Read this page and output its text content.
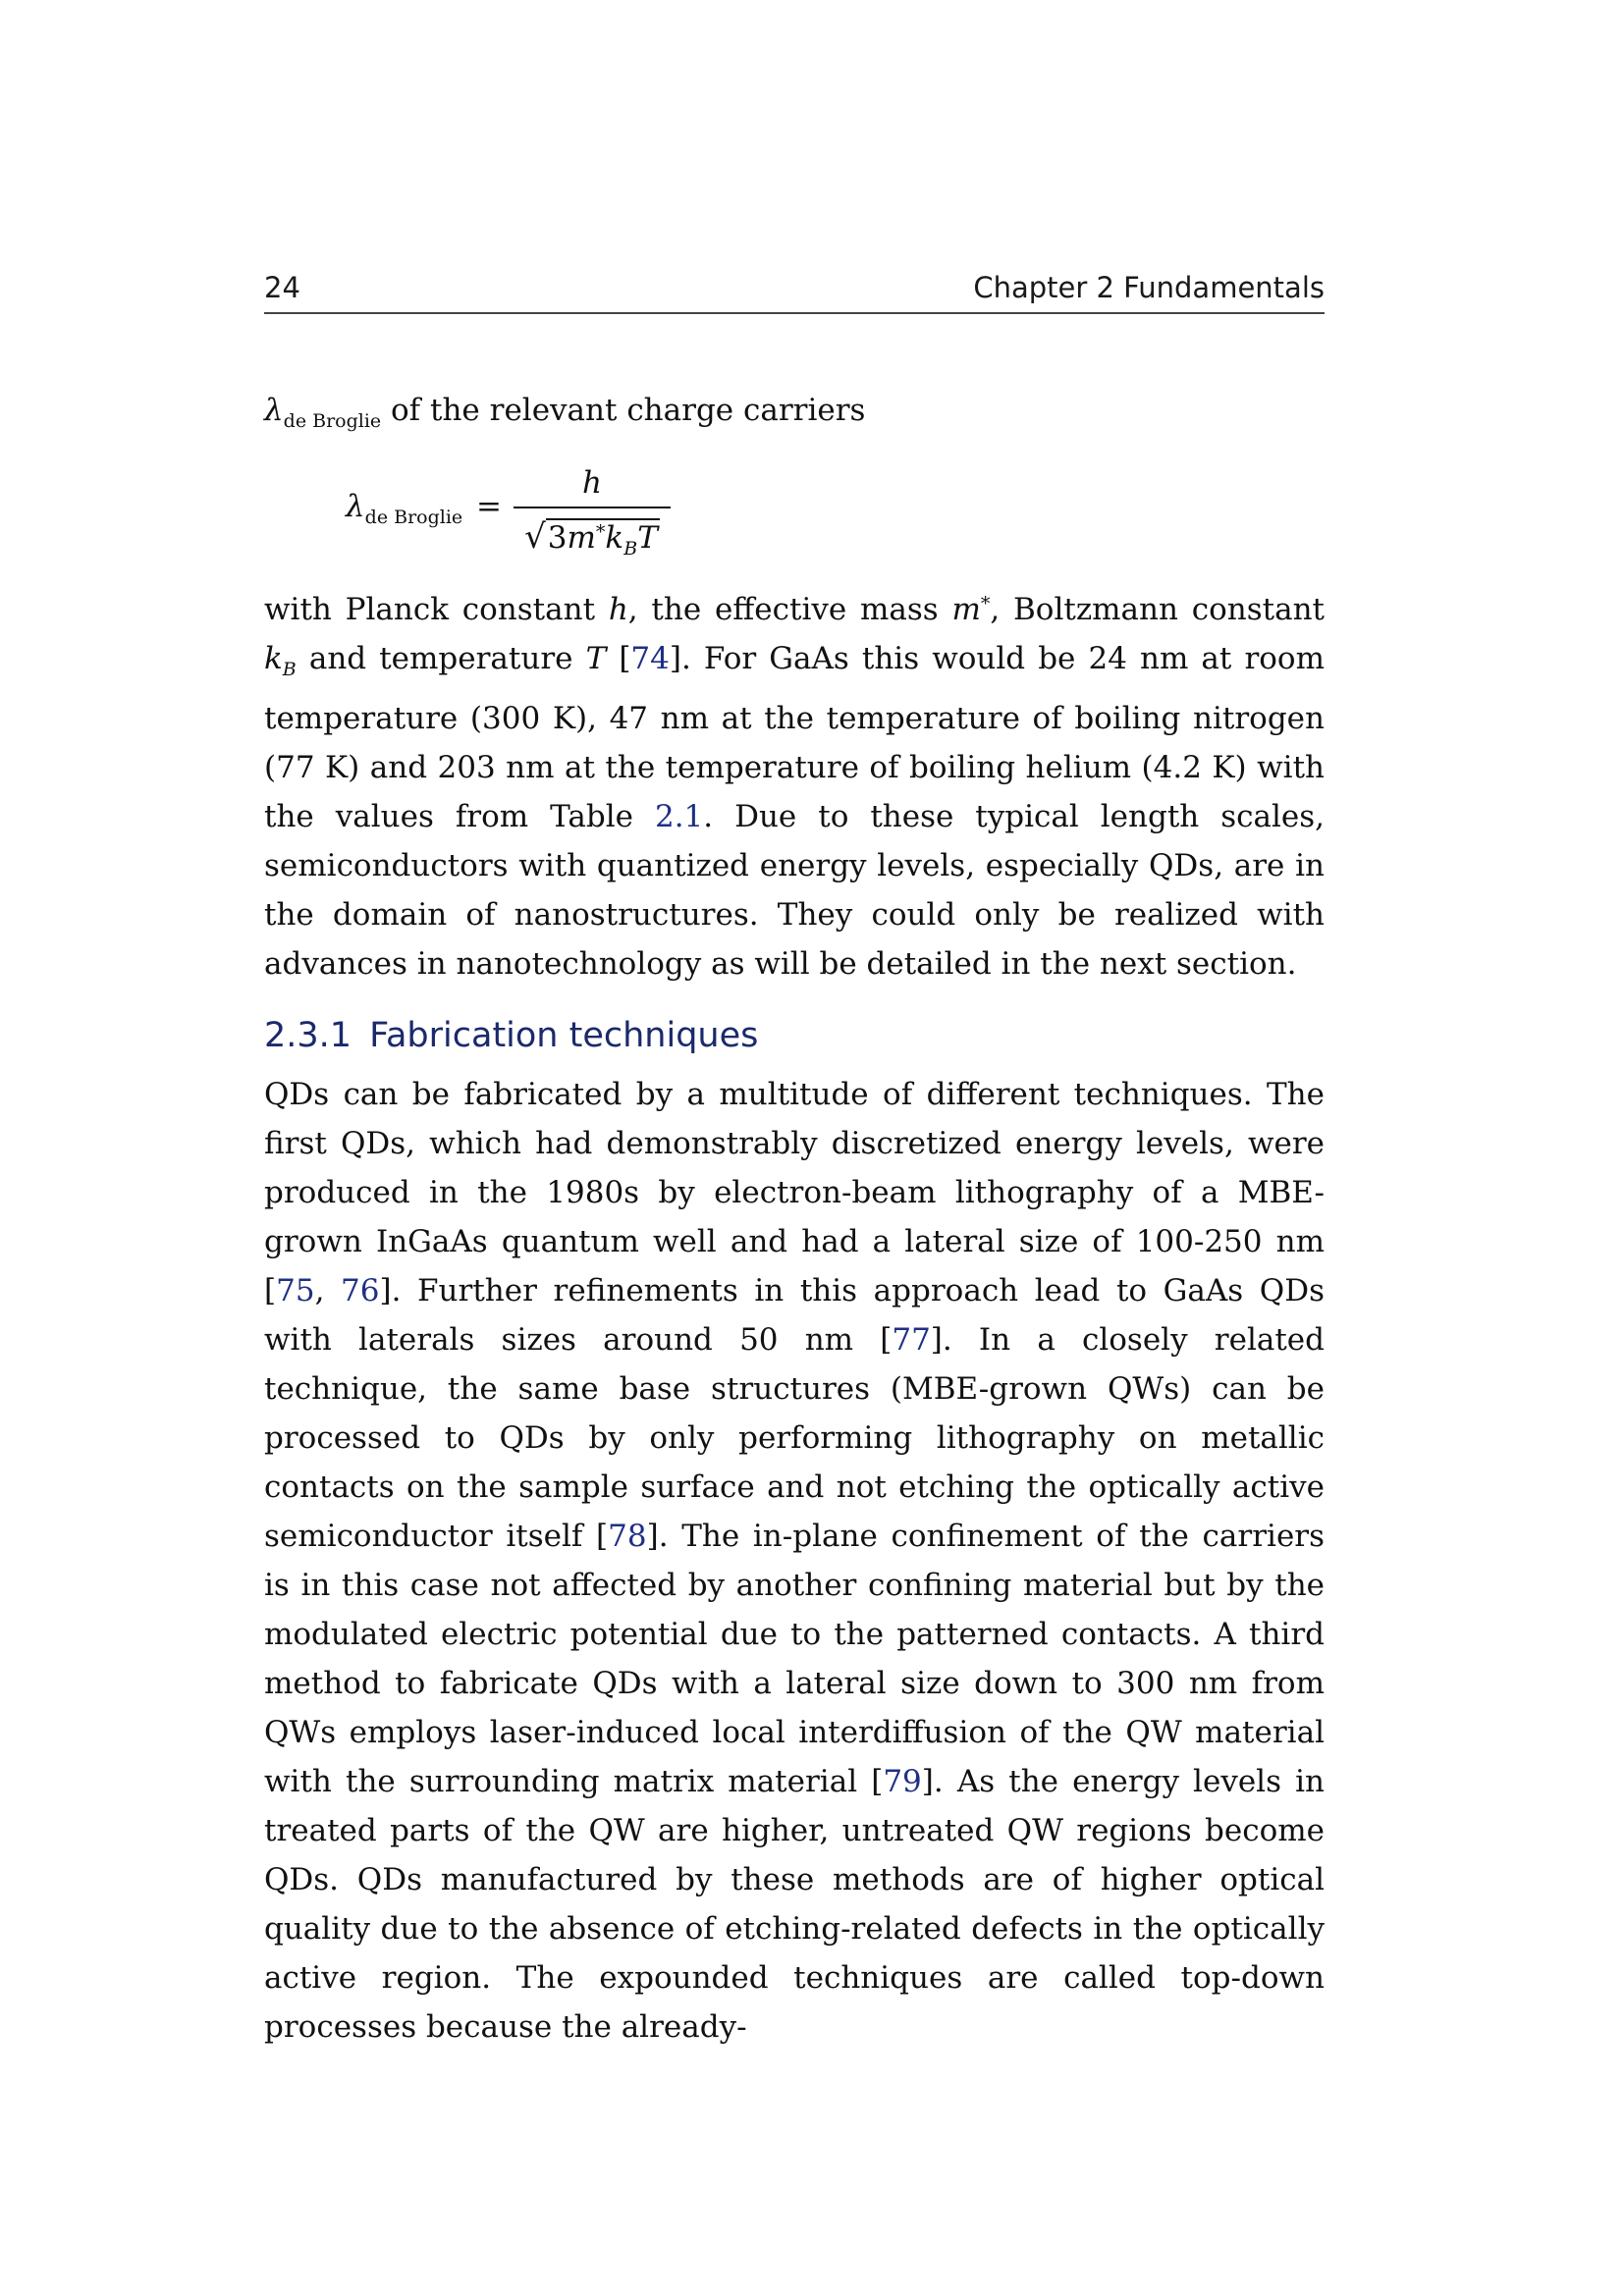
24	Chapter 2 Fundamentals
$\lambda_{de Broglie}$ of the relevant charge carriers
$\lambda_{de Broglie}$ =
h
$√3m^*k_BT$

with Planck constant h, the effective mass m*, Boltzmann constant $k_B$ and temperature T [74]. For GaAs this would be 24 nm at room temperature (300 K), 47 nm at the temperature of boiling nitrogen (77 K) and 203 nm at the temperature of boiling helium (4.2 K) with the values from Table 2.1. Due to these typical length scales, semiconductors with quantized energy levels, especially QDs, are in the domain of nanostructures. They could only be realized with advances in nanotechnology as will be detailed in the next section.

2.3.1 Fabrication techniques

QDs can be fabricated by a multitude of different techniques. The first QDs, which had demonstrably discretized energy levels, were produced in the 1980s by electron-beam lithography of a MBE-grown InGaAs quantum well and had a lateral size of 100-250 nm [75, 76]. Further refinements in this approach lead to GaAs QDs with laterals sizes around 50 nm [77]. In a closely related technique, the same base structures (MBE-grown QWs) can be processed to QDs by only performing lithography on metallic contacts on the sample surface and not etching the optically active semiconductor itself [78]. The in-plane confinement of the carriers is in this case not affected by another confining material but by the modulated electric potential due to the patterned contacts. A third method to fabricate QDs with a lateral size down to 300 nm from QWs employs laser-induced local interdiffusion of the QW material with the surrounding matrix material [79]. As the energy levels in treated parts of the QW are higher, untreated QW regions become QDs. QDs manufactured by these methods are of higher optical quality due to the absence of etching-related defects in the optically active region. The expounded techniques are called top-down processes because the already-
